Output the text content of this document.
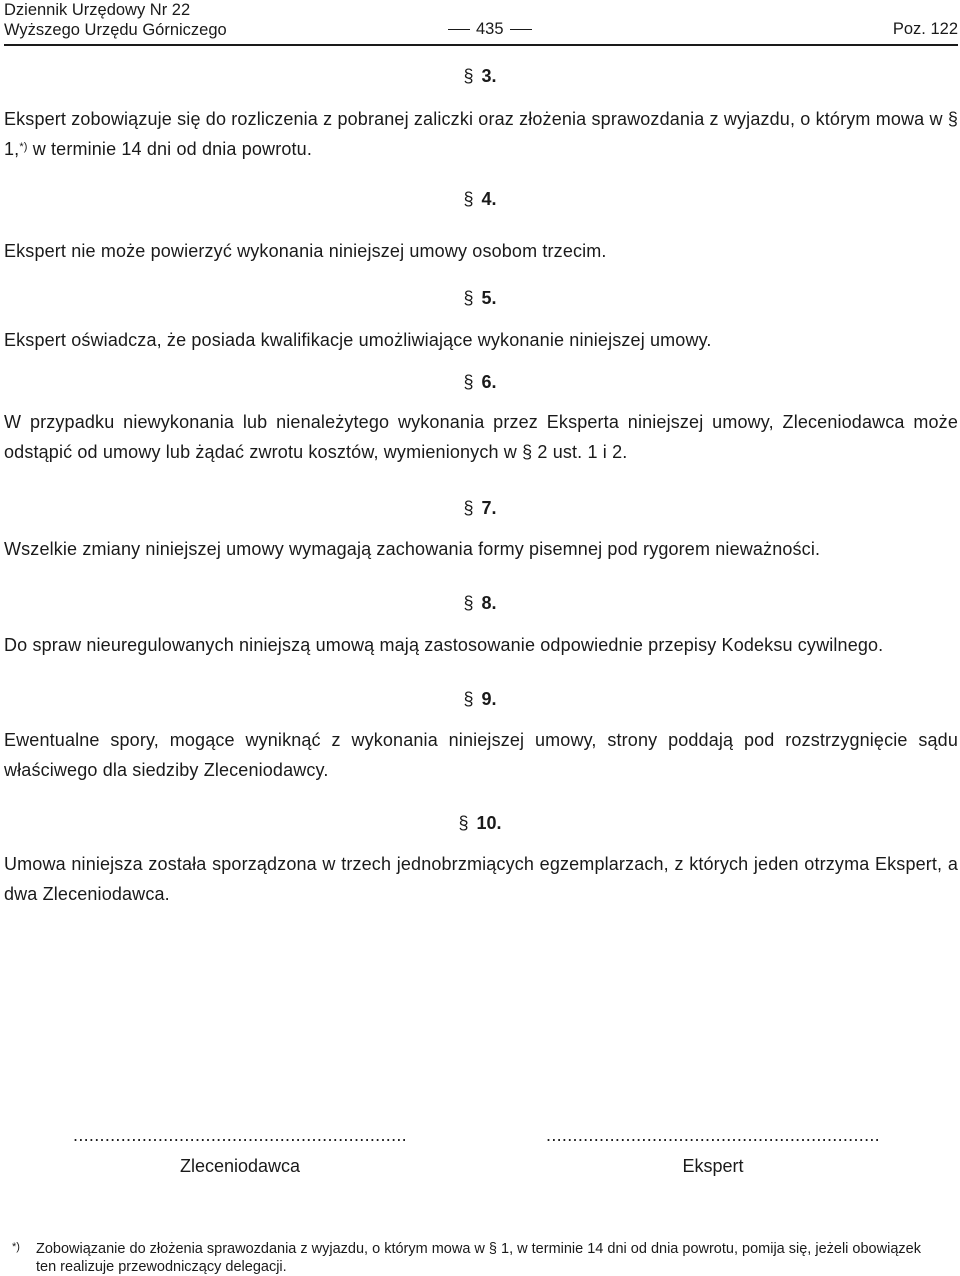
Dziennik Urzędowy Nr 22
Wyższego Urzędu Górniczego	435	Poz. 122
§ 3.
Ekspert zobowiązuje się do rozliczenia z pobranej zaliczki oraz złożenia sprawozdania z wyjazdu, o którym mowa w § 1,*) w terminie 14 dni od dnia powrotu.
§ 4.
Ekspert nie może powierzyć wykonania niniejszej umowy osobom trzecim.
§ 5.
Ekspert oświadcza, że posiada kwalifikacje umożliwiające wykonanie niniejszej umowy.
§ 6.
W przypadku niewykonania lub nienależytego wykonania przez Eksperta niniejszej umowy, Zleceniodawca może odstąpić od umowy lub żądać zwrotu kosztów, wymienionych w § 2 ust. 1 i 2.
§ 7.
Wszelkie zmiany niniejszej umowy wymagają zachowania formy pisemnej pod rygorem nieważności.
§ 8.
Do spraw nieuregulowanych niniejszą umową mają zastosowanie odpowiednie przepisy Kodeksu cywilnego.
§ 9.
Ewentualne spory, mogące wyniknąć z wykonania niniejszej umowy, strony poddają pod rozstrzygnięcie sądu właściwego dla siedziby Zleceniodawcy.
§ 10.
Umowa niniejsza została sporządzona w trzech jednobrzmiących egzemplarzach, z których jeden otrzyma Ekspert, a dwa Zleceniodawca.
...............................................................
Zleceniodawca
...............................................................
Ekspert
*) Zobowiązanie do złożenia sprawozdania z wyjazdu, o którym mowa w § 1, w terminie 14 dni od dnia powrotu, pomija się, jeżeli obowiązek ten realizuje przewodniczący delegacji.
